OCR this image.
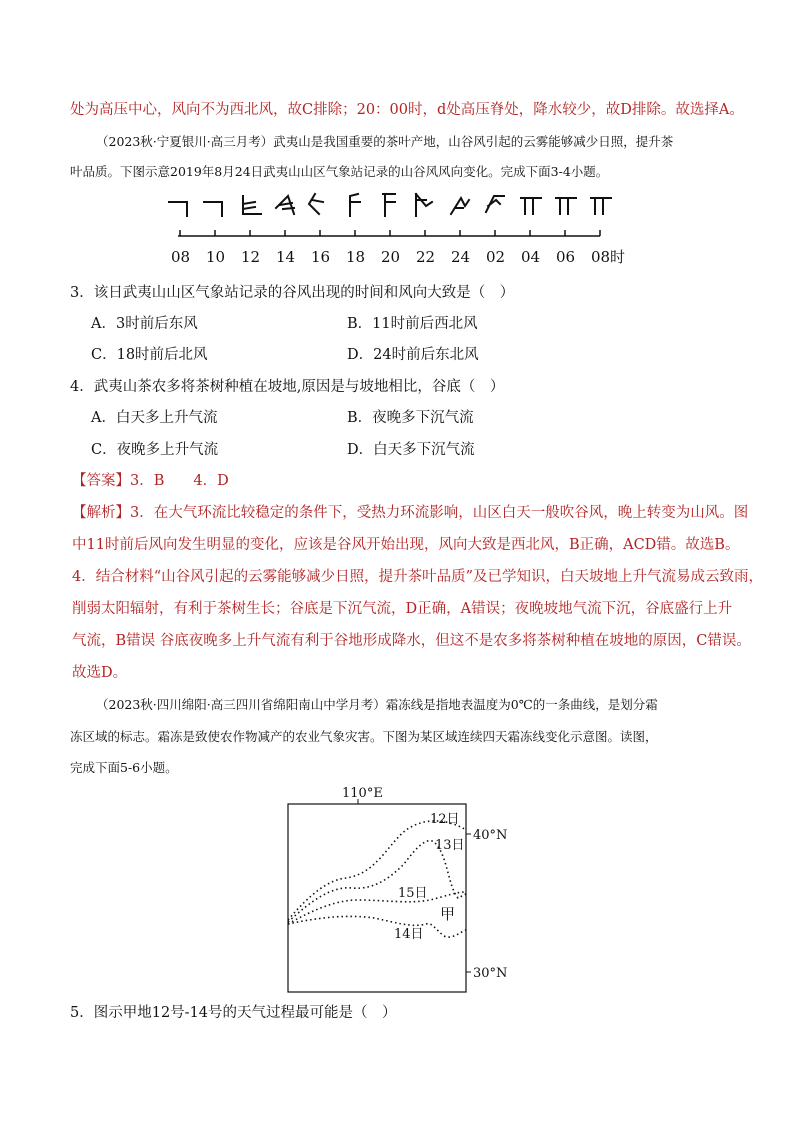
处为高压中心，风向不为西北风，故C排除；20：00时，d处高压脊处，降水较少，故D排除。故选择A。
（2023秋·宁夏银川·高三月考）武夷山是我国重要的茶叶产地，山谷风引起的云雾能够减少日照，提升茶
叶品质。下图示意2019年8月24日武夷山山区气象站记录的山谷风风向变化。完成下面3-4小题。
08 10 12 14 16 18 20 22 24 02 04 06 08 时
3．该日武夷山山区气象站记录的谷风出现的时间和风向大致是（　）
A．3时前后东风	B．11时前后西北风
C．18时前后北风	D．24时前后东北风
4．武夷山茶农多将茶树种植在坡地,原因是与坡地相比，谷底（　）
A．白天多上升气流	B．夜晚多下沉气流
C．夜晚多上升气流	D．白天多下沉气流
【答案】3．B　　4．D
【解析】3．在大气环流比较稳定的条件下，受热力环流影响，山区白天一般吹谷风，晚上转变为山风。图
中11时前后风向发生明显的变化，应该是谷风开始出现，风向大致是西北风，B正确，ACD错。故选B。
4．结合材料“山谷风引起的云雾能够减少日照，提升茶叶品质”及已学知识，白天坡地上升气流易成云致雨，
削弱太阳辐射，有利于茶树生长；谷底是下沉气流，D正确，A错误；夜晚坡地气流下沉，谷底盛行上升
气流，B错误 谷底夜晚多上升气流有利于谷地形成降水，但这不是农多将茶树种植在坡地的原因，C错误。
故选D。
（2023秋·四川绵阳·高三四川省绵阳南山中学月考）霜冻线是指地表温度为0℃的一条曲线，是划分霜
冻区域的标志。霜冻是致使农作物减产的农业气象灾害。下图为某区域连续四天霜冻线变化示意图。读图，
完成下面5-6小题。
110°E
40°N
30°N
12日
13日
15日
14日
甲
5．图示甲地12号-14号的天气过程最可能是（　）
